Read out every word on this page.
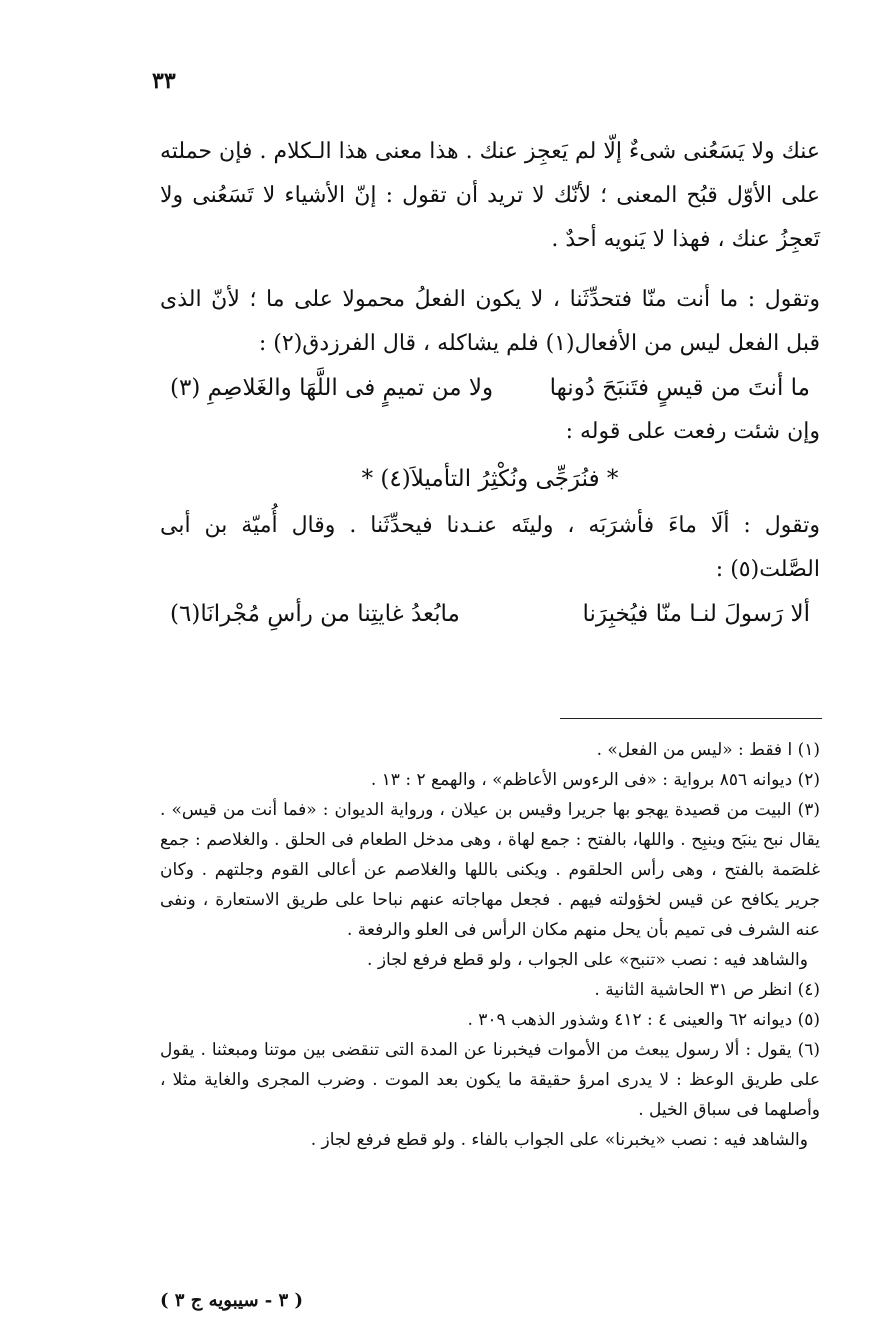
٣٣

عنك ولا يَسَعُنى شىءٌ إلّا لم يَعجِز عنك . هذا معنى هذا الـكلام . فإن حملته على الأوّل قبُح المعنى ؛ لأنّك لا تريد أن تقول : إنّ الأشياء لا تَسَعُنى ولا تَعجِزُ عنك ، فهذا لا يَنويه أحدٌ .

وتقول : ما أنت منّا فتحدِّثَنا ، لا يكون الفعلُ محمولا على ما ؛ لأنّ الذى قبل الفعل ليس من الأفعال(١) فلم يشاكله ، قال الفرزدق(٢) :

ما أنتَ من قيسٍ فتَنبَحَ دُونها
ولا من تميمٍ فى اللَّهَا والغَلاصِمِ (٣)

وإن شئت رفعت على قوله :

* فنُرَجِّى ونُكْثِرُ التأميلاَ(٤) *

وتقول : ألَا ماءَ فأشرَبَه ، وليتَه عنـدنا فيحدِّثَنا . وقال أُميّة بن أبى الصَّلت(٥) :

ألا رَسولَ لنـا منّا فيُخبِرَنا
مابُعدُ غايتِنا من رأسِ مُجْرانَا(٦)

(١) ا فقط : «ليس من الفعل» .

(٢) ديوانه ٨٥٦ برواية : «فى الرءوس الأعاظم» ، والهمع ٢ : ١٣ .

(٣) البيت من قصيدة يهجو بها جريرا وقيس بن عيلان ، ورواية الديوان : «فما أنت من قيس» . يقال نبح ينبَح وينبِح . واللها، بالفتح : جمع لهاة ، وهى مدخل الطعام فى الحلق . والغلاصم : جمع غلصَمة بالفتح ، وهى رأس الحلقوم . ويكنى باللها والغلاصم عن أعالى القوم وجلتهم . وكان جرير يكافح عن قيس لخؤولته فيهم . فجعل مهاجاته عنهم نباحا على طريق الاستعارة ، ونفى عنه الشرف فى تميم بأن يحل منهم مكان الرأس فى العلو والرفعة .

والشاهد فيه : نصب «تنبح» على الجواب ، ولو قطع فرفع لجاز .

(٤) انظر ص ٣١ الحاشية الثانية .

(٥) ديوانه ٦٢ والعينى ٤ : ٤١٢ وشذور الذهب ٣٠٩ .

(٦) يقول : ألا رسول يبعث من الأموات فيخبرنا عن المدة التى تنقضى بين موتنا ومبعثنا . يقول على طريق الوعظ : لا يدرى امرؤ حقيقة ما يكون بعد الموت . وضرب المجرى والغاية مثلا ، وأصلهما فى سباق الخيل .

والشاهد فيه : نصب «يخبرنا» على الجواب بالفاء . ولو قطع فرفع لجاز .

( ٣ - سيبويه ج ٣ )
